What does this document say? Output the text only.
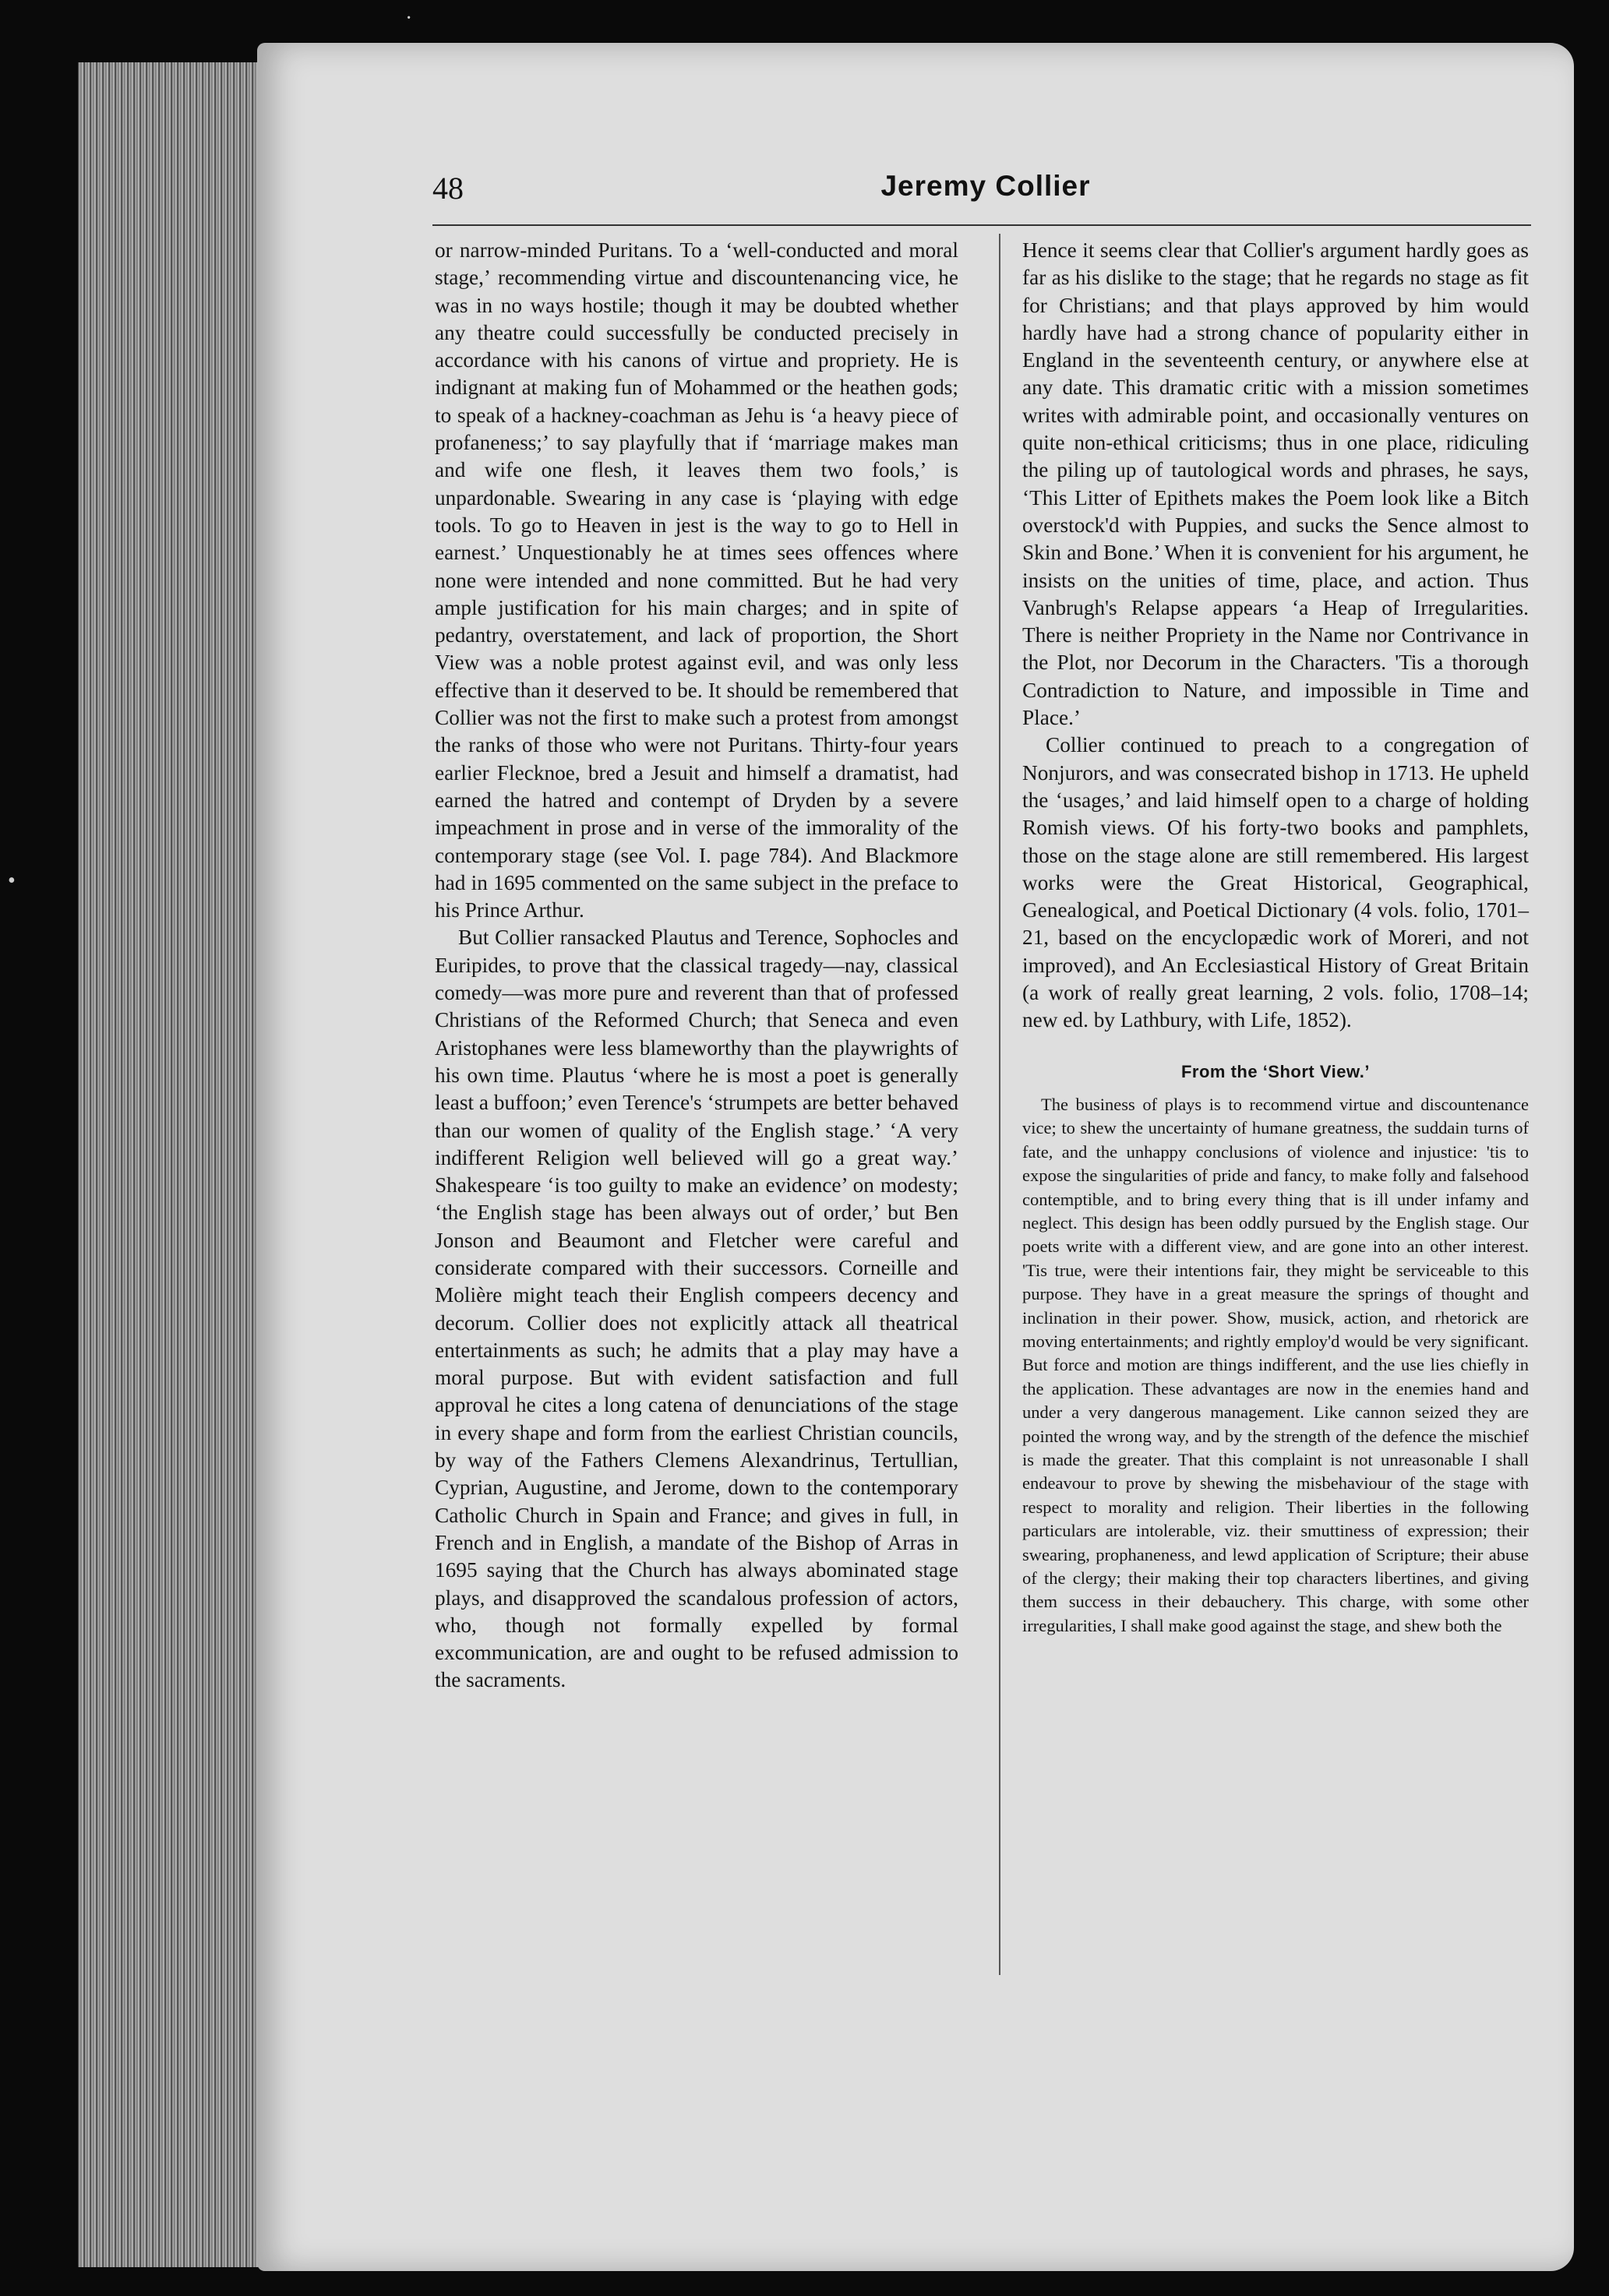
·
•
48	Jeremy Collier

or narrow-minded Puritans. To a ‘well-conducted and moral stage,’ recommending virtue and discountenancing vice, he was in no ways hostile; though it may be doubted whether any theatre could successfully be conducted precisely in accordance with his canons of virtue and propriety. He is indignant at making fun of Mohammed or the heathen gods; to speak of a hackney-coachman as Jehu is ‘a heavy piece of profaneness;’ to say playfully that if ‘marriage makes man and wife one flesh, it leaves them two fools,’ is unpardonable. Swearing in any case is ‘playing with edge tools. To go to Heaven in jest is the way to go to Hell in earnest.’ Unquestionably he at times sees offences where none were intended and none committed. But he had very ample justification for his main charges; and in spite of pedantry, overstatement, and lack of proportion, the Short View was a noble protest against evil, and was only less effective than it deserved to be. It should be remembered that Collier was not the first to make such a protest from amongst the ranks of those who were not Puritans. Thirty-four years earlier Flecknoe, bred a Jesuit and himself a dramatist, had earned the hatred and contempt of Dryden by a severe impeachment in prose and in verse of the immorality of the contemporary stage (see Vol. I. page 784). And Blackmore had in 1695 commented on the same subject in the preface to his Prince Arthur.

But Collier ransacked Plautus and Terence, Sophocles and Euripides, to prove that the classical tragedy—nay, classical comedy—was more pure and reverent than that of professed Christians of the Reformed Church; that Seneca and even Aristophanes were less blameworthy than the playwrights of his own time. Plautus ‘where he is most a poet is generally least a buffoon;’ even Terence's ‘strumpets are better behaved than our women of quality of the English stage.’ ‘A very indifferent Religion well believed will go a great way.’ Shakespeare ‘is too guilty to make an evidence’ on modesty; ‘the English stage has been always out of order,’ but Ben Jonson and Beaumont and Fletcher were careful and considerate compared with their successors. Corneille and Molière might teach their English compeers decency and decorum. Collier does not explicitly attack all theatrical entertainments as such; he admits that a play may have a moral purpose. But with evident satisfaction and full approval he cites a long catena of denunciations of the stage in every shape and form from the earliest Christian councils, by way of the Fathers Clemens Alexandrinus, Tertullian, Cyprian, Augustine, and Jerome, down to the contemporary Catholic Church in Spain and France; and gives in full, in French and in English, a mandate of the Bishop of Arras in 1695 saying that the Church has always abominated stage plays, and disapproved the scandalous profession of actors, who, though not formally expelled by formal excommunication, are and ought to be refused admission to the sacraments.

Hence it seems clear that Collier's argument hardly goes as far as his dislike to the stage; that he regards no stage as fit for Christians; and that plays approved by him would hardly have had a strong chance of popularity either in England in the seventeenth century, or anywhere else at any date. This dramatic critic with a mission sometimes writes with admirable point, and occasionally ventures on quite non-ethical criticisms; thus in one place, ridiculing the piling up of tautological words and phrases, he says, ‘This Litter of Epithets makes the Poem look like a Bitch overstock'd with Puppies, and sucks the Sence almost to Skin and Bone.’ When it is convenient for his argument, he insists on the unities of time, place, and action. Thus Vanbrugh's Relapse appears ‘a Heap of Irregularities. There is neither Propriety in the Name nor Contrivance in the Plot, nor Decorum in the Characters. 'Tis a thorough Contradiction to Nature, and impossible in Time and Place.’

Collier continued to preach to a congregation of Nonjurors, and was consecrated bishop in 1713. He upheld the ‘usages,’ and laid himself open to a charge of holding Romish views. Of his forty-two books and pamphlets, those on the stage alone are still remembered. His largest works were the Great Historical, Geographical, Genealogical, and Poetical Dictionary (4 vols. folio, 1701–21, based on the encyclopædic work of Moreri, and not improved), and An Ecclesiastical History of Great Britain (a work of really great learning, 2 vols. folio, 1708–14; new ed. by Lathbury, with Life, 1852).

From the ‘Short View.’

The business of plays is to recommend virtue and discountenance vice; to shew the uncertainty of humane greatness, the suddain turns of fate, and the unhappy conclusions of violence and injustice: 'tis to expose the singularities of pride and fancy, to make folly and falsehood contemptible, and to bring every thing that is ill under infamy and neglect. This design has been oddly pursued by the English stage. Our poets write with a different view, and are gone into an other interest. 'Tis true, were their intentions fair, they might be serviceable to this purpose. They have in a great measure the springs of thought and inclination in their power. Show, musick, action, and rhetorick are moving entertainments; and rightly employ'd would be very significant. But force and motion are things indifferent, and the use lies chiefly in the application. These advantages are now in the enemies hand and under a very dangerous management. Like cannon seized they are pointed the wrong way, and by the strength of the defence the mischief is made the greater. That this complaint is not unreasonable I shall endeavour to prove by shewing the misbehaviour of the stage with respect to morality and religion. Their liberties in the following particulars are intolerable, viz. their smuttiness of expression; their swearing, prophaneness, and lewd application of Scripture; their abuse of the clergy; their making their top characters libertines, and giving them success in their debauchery. This charge, with some other irregularities, I shall make good against the stage, and shew both the
